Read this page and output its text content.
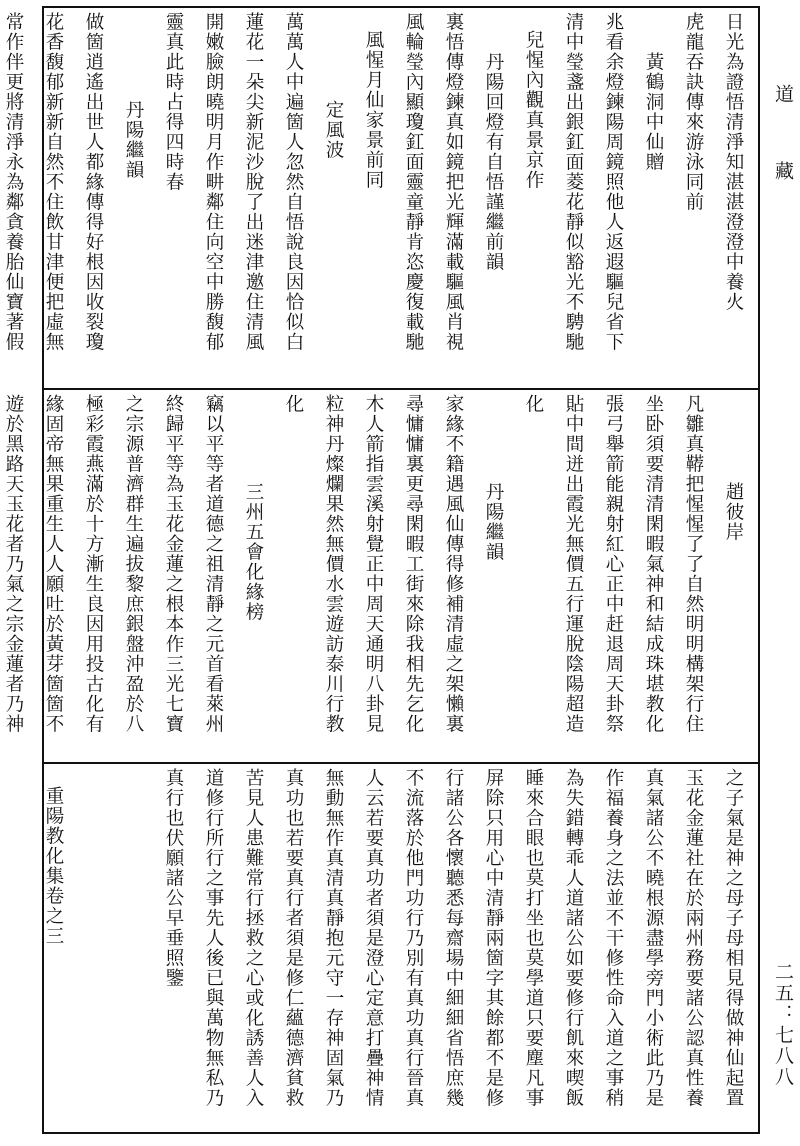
日光為證悟清淨知湛湛澄澄中養火
虎龍吞訣傳來游泳同前
黃鶴洞中仙贈
兆看余燈鍊陽周鏡照他人返遐驅兒省下
清中瑩盞出銀釭面菱花靜似豁光不騁馳
兒惺內觀真景京作
丹陽回燈有自悟謹繼前韻
裏悟傳燈鍊真如鏡把光輝滿載驅風肖視
風輪瑩內顯瓊釭面靈童靜肯恣慶復載馳
風惺月仙家景前同
定風波
萬萬人中遍箇人忽然自悟說良因恰似白
蓮花一朵尖新泥沙脫了出迷津邀住清風
開嫩臉朗曉明月作畊鄰住向空中勝馥郁
靈真此時占得四時春
丹陽繼韻
做箇逍遙出世人都緣傳得好根因收裂瓊
花香馥郁新新自然不住飲甘津便把虛無
常作伴更將清淨永為鄰貪養胎仙寶著假
趙彼岸
凡雛真鞯把惺惺了了自然明明構架行住
坐卧須要清清閑暇氣神和結成珠堪教化
張弓舉箭能親射紅心正中赶退周天卦祭
貼中間迸出霞光無價五行運脫陰陽超造
化
丹陽繼韻
家緣不籍遇風仙傳得修補清虛之架懶裏
尋慵慵裏更尋閑暇工街來除我相先乞化
木人箭指雲溪射覺正中周天通明八卦見
粒神丹燦爛果然無價水雲遊訪泰川行教
化
三州五會化緣榜
竊以平等者道德之祖清靜之元首看萊州
終歸平等為玉花金蓮之根本作三光七寶
之宗源普濟群生遍拔黎庶銀盤沖盈於八
極彩霞燕滿於十方漸生良因用投古化有
緣固帝無果重生人人願吐於黃芽箇箇不
遊於黑路天玉花者乃氣之宗金蓮者乃神
之子氣是神之母子母相見得做神仙起置
玉花金蓮社在於兩州務要諸公認真性養
真氣諸公不曉根源盡學旁門小術此乃是
作福養身之法並不干修性命入道之事稍
為失錯轉乖人道諸公如要修行飢來喫飯
睡來合眼也莫打坐也莫學道只要塵凡事
屏除只用心中清靜兩箇字其餘都不是修
行諸公各懷聽悉每齋場中細細省悟庶幾
不流落於他門功行乃別有真功真行晉真
人云若要真功者須是澄心定意打疊神情
無動無作真清真靜抱元守一存神固氣乃
真功也若要真行者須是修仁蘊德濟貧救
苦見人患難常行拯救之心或化誘善人入
道修行所行之事先人後已與萬物無私乃
真行也伏願諸公早垂照鑒
重陽教化集卷之三
道藏
二五：七八八
